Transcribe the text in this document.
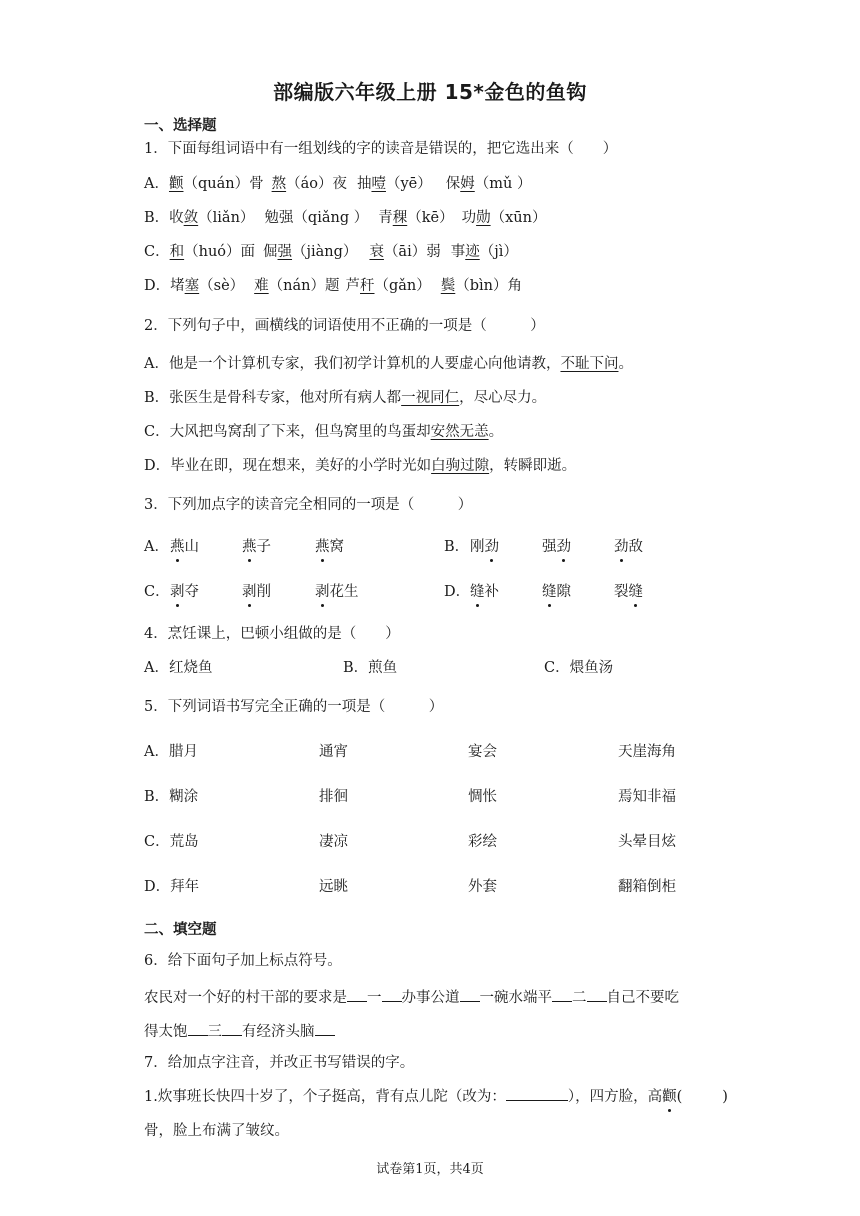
部编版六年级上册 15*金色的鱼钩
一、选择题
1．下面每组词语中有一组划线的字的读音是错误的，把它选出来（　　）
A．颧（quán）骨 熬（áo）夜 抽噎（yē） 保姆（mǔ ）
B．收敛（liǎn） 勉强（qiǎng ） 青稞（kē） 功勋（xūn）
C．和（huó）面 倔强（jiàng） 衰（āi）弱 事迹（jì）
D．堵塞（sè） 难（nán）题 芦秆（gǎn） 鬓（bìn）角
2．下列句子中，画横线的词语使用不正确的一项是（　　　）
A．他是一个计算机专家，我们初学计算机的人要虚心向他请教，不耻下问。
B．张医生是骨科专家，他对所有病人都一视同仁，尽心尽力。
C．大风把鸟窝刮了下来，但鸟窝里的鸟蛋却安然无恙。
D．毕业在即，现在想来，美好的小学时光如白驹过隙，转瞬即逝。
3．下列加点字的读音完全相同的一项是（　　　）
A． 燕山	燕子	燕窝	B． 刚劲	强劲	劲敌
C． 剥夺	剥削	剥花生	D． 缝补	缝隙	裂缝
4．烹饪课上，巴顿小组做的是（　　）
A．红烧鱼	B．煎鱼	C．煨鱼汤
5．下列词语书写完全正确的一项是（　　　）
A．腊月	通宵	宴会	天崖海角
B．糊涂	排徊	惆怅	焉知非福
C．荒岛	凄凉	彩绘	头晕目炫
D．拜年	远眺	外套	翻箱倒柜
二、填空题
6．给下面句子加上标点符号。
农民对一个好的村干部的要求是 一 办事公道 一碗水端平 二 自己不要吃
得太饱 三 有经济头脑
7．给加点字注音，并改正书写错误的字。
1.炊事班长快四十岁了，个子挺高，背有点儿陀（改为：	），四方脸，高颧(	)
骨，脸上布满了皱纹。
试卷第1页，共4页
